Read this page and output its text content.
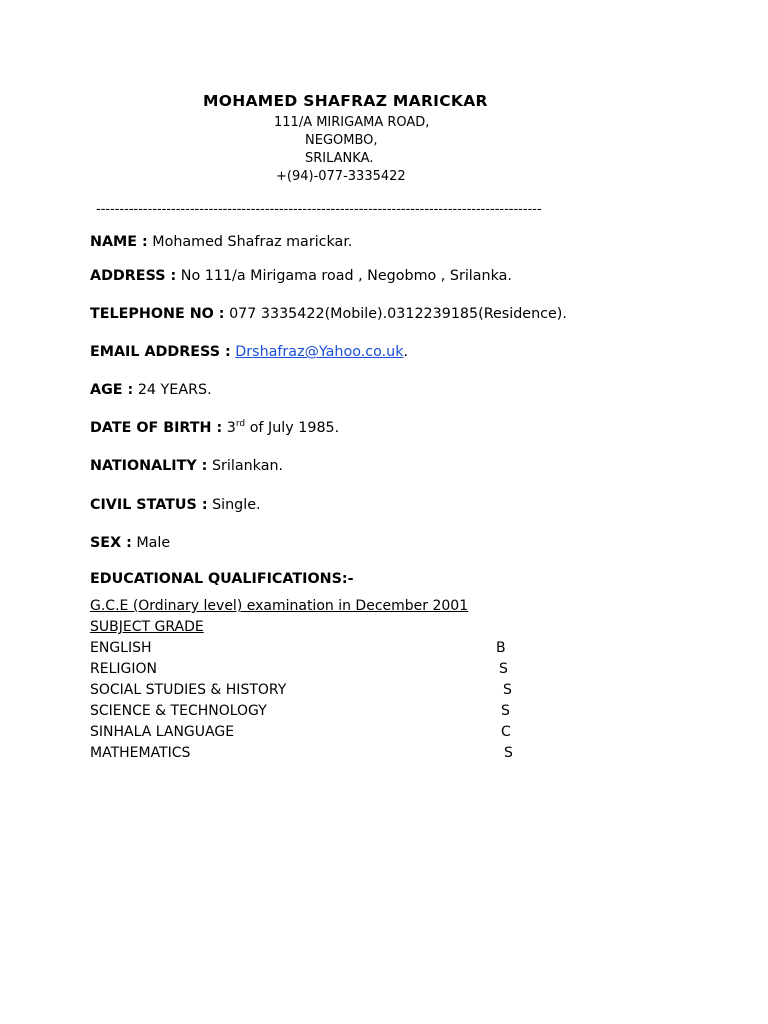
MOHAMED SHAFRAZ MARICKAR
111/A MIRIGAMA ROAD,
NEGOMBO,
SRILANKA.
+(94)-077-3335422
-----------------------------------------------------------------------------------------------
NAME : Mohamed Shafraz marickar.
ADDRESS : No 111/a Mirigama road , Negobmo , Srilanka.
TELEPHONE NO : 077 3335422(Mobile).0312239185(Residence).
EMAIL ADDRESS : Drshafraz@Yahoo.co.uk.
AGE : 24 YEARS.
DATE OF BIRTH : 3rd of July 1985.
NATIONALITY : Srilankan.
CIVIL STATUS : Single.
SEX : Male
EDUCATIONAL QUALIFICATIONS:-
G.C.E (Ordinary level) examination in December 2001
SUBJECT GRADE
ENGLISH	B
RELIGION	S
SOCIAL STUDIES & HISTORY	S
SCIENCE & TECHNOLOGY	S
SINHALA LANGUAGE	C
MATHEMATICS	S
